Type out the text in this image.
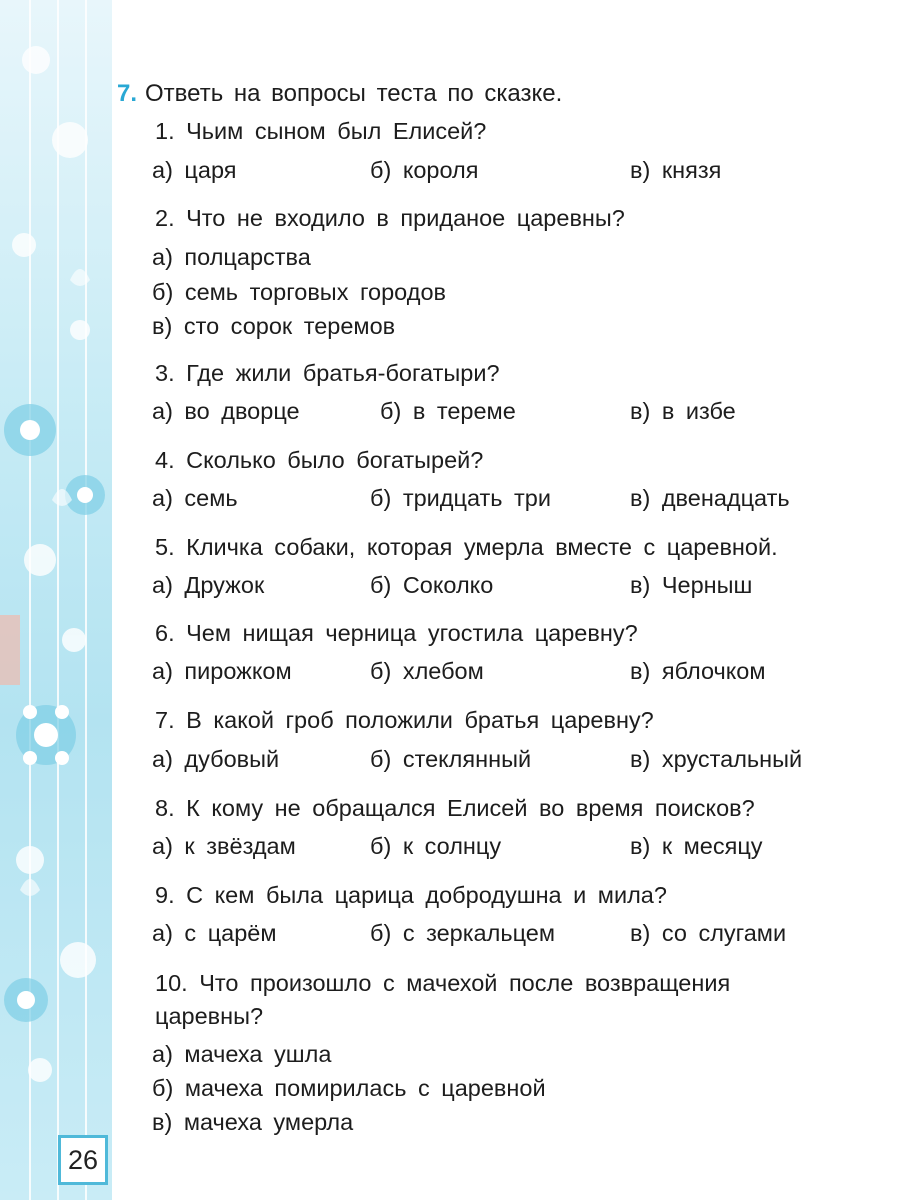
26
7. Ответь на вопросы теста по сказке.
1. Чьим сыном был Елисей?
а) царя	б) короля	в) князя
2. Что не входило в приданое царевны?
а) полцарства
б) семь торговых городов
в) сто сорок теремов
3. Где жили братья-богатыри?
а) во дворце	б) в тереме	в) в избе
4. Сколько было богатырей?
а) семь	б) тридцать три	в) двенадцать
5. Кличка собаки, которая умерла вместе с царевной.
а) Дружок	б) Соколко	в) Черныш
6. Чем нищая черница угостила царевну?
а) пирожком	б) хлебом	в) яблочком
7. В какой гроб положили братья царевну?
а) дубовый	б) стеклянный	в) хрустальный
8. К кому не обращался Елисей во время поисков?
а) к звёздам	б) к солнцу	в) к месяцу
9. С кем была царица добродушна и мила?
а) с царём	б) с зеркальцем	в) со слугами
10. Что произошло с мачехой после возвращения царевны?
а) мачеха ушла
б) мачеха помирилась с царевной
в) мачеха умерла
